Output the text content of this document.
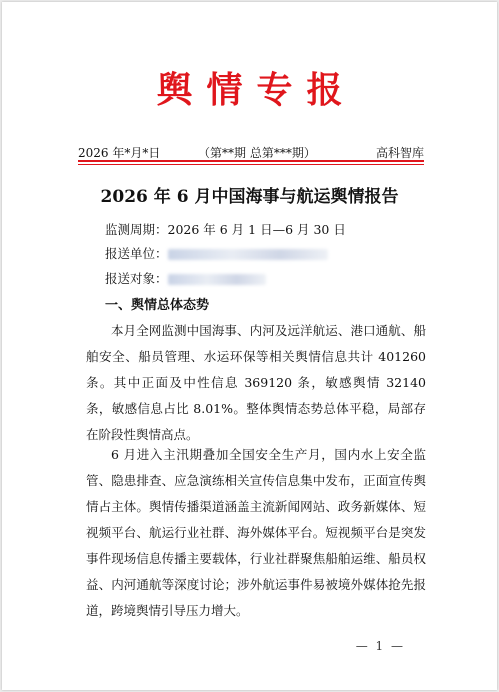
舆情专报
2026 年*月*日	（第**期 总第***期）	高科智库
2026 年 6 月中国海事与航运舆情报告
监测周期：2026 年 6 月 1 日—6 月 30 日
报送单位：
报送对象：
一、舆情总体态势

本月全网监测中国海事、内河及远洋航运、港口通航、船舶安全、船员管理、水运环保等相关舆情信息共计 401260 条。其中正面及中性信息 369120 条，敏感舆情 32140 条，敏感信息占比 8.01%。整体舆情态势总体平稳，局部存在阶段性舆情高点。

6 月进入主汛期叠加全国安全生产月，国内水上安全监管、隐患排查、应急演练相关宣传信息集中发布，正面宣传舆情占主体。舆情传播渠道涵盖主流新闻网站、政务新媒体、短视频平台、航运行业社群、海外媒体平台。短视频平台是突发事件现场信息传播主要载体，行业社群聚焦船舶运维、船员权益、内河通航等深度讨论；涉外航运事件易被境外媒体抢先报道，跨境舆情引导压力增大。

— 1 —
